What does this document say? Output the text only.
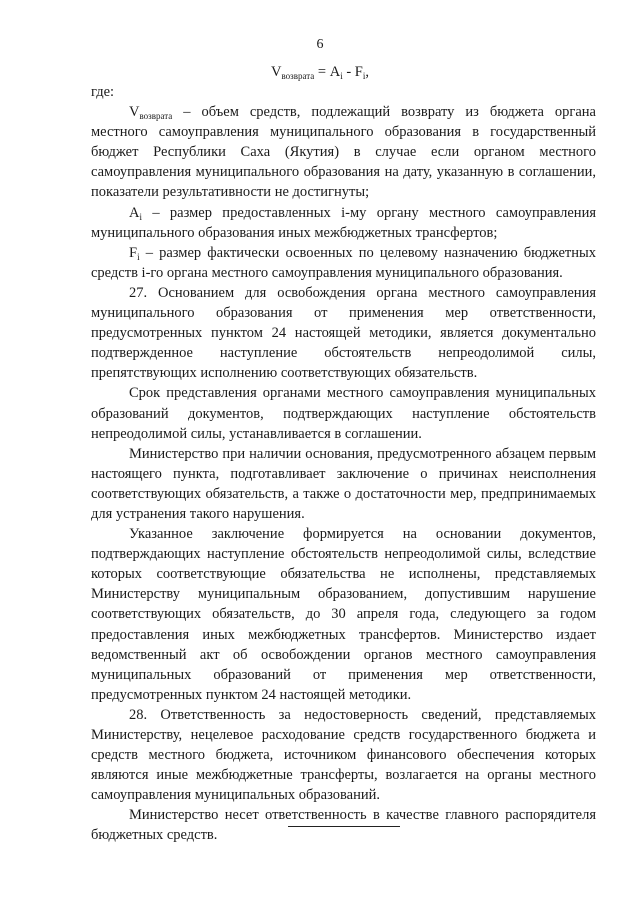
6
$V_{возврата} = A_i - F_i$,

где:

$V_{возврата}$ – объем средств, подлежащий возврату из бюджета органа местного самоуправления муниципального образования в государственный бюджет Республики Саха (Якутия) в случае если органом местного самоуправления муниципального образования на дату, указанную в соглашении, показатели результативности не достигнуты;

$A_i$ – размер предоставленных i-му органу местного самоуправления муниципального образования иных межбюджетных трансфертов;

$F_i$ – размер фактически освоенных по целевому назначению бюджетных средств i-го органа местного самоуправления муниципального образования.

27. Основанием для освобождения органа местного самоуправления муниципального образования от применения мер ответственности, предусмотренных пунктом 24 настоящей методики, является документально подтвержденное наступление обстоятельств непреодолимой силы, препятствующих исполнению соответствующих обязательств.

Срок представления органами местного самоуправления муниципальных образований документов, подтверждающих наступление обстоятельств непреодолимой силы, устанавливается в соглашении.

Министерство при наличии основания, предусмотренного абзацем первым настоящего пункта, подготавливает заключение о причинах неисполнения соответствующих обязательств, а также о достаточности мер, предпринимаемых для устранения такого нарушения.

Указанное заключение формируется на основании документов, подтверждающих наступление обстоятельств непреодолимой силы, вследствие которых соответствующие обязательства не исполнены, представляемых Министерству муниципальным образованием, допустившим нарушение соответствующих обязательств, до 30 апреля года, следующего за годом предоставления иных межбюджетных трансфертов. Министерство издает ведомственный акт об освобождении органов местного самоуправления муниципальных образований от применения мер ответственности, предусмотренных пунктом 24 настоящей методики.

28. Ответственность за недостоверность сведений, представляемых Министерству, нецелевое расходование средств государственного бюджета и средств местного бюджета, источником финансового обеспечения которых являются иные межбюджетные трансферты, возлагается на органы местного самоуправления муниципальных образований.

Министерство несет ответственность в качестве главного распорядителя бюджетных средств.
